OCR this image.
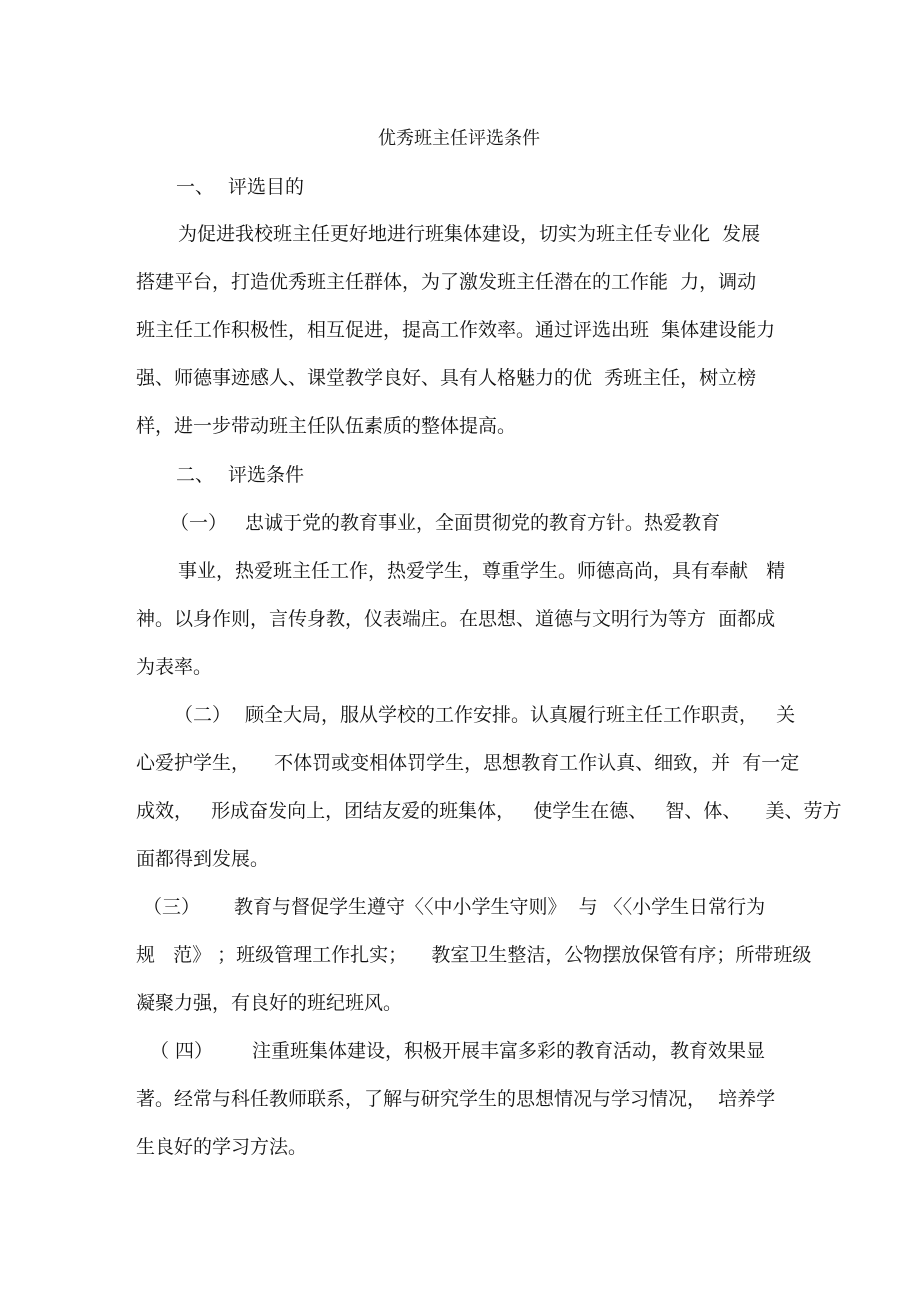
优秀班主任评选条件
一、 评选目的
为促进我校班主任更好地进行班集体建设，切实为班主任专业化  发展
搭建平台，打造优秀班主任群体，为了激发班主任潜在的工作能  力，调动
班主任工作积极性，相互促进，提高工作效率。通过评选出班  集体建设能力
强、师德事迹感人、课堂教学良好、具有人格魅力的优  秀班主任，树立榜
样，进一步带动班主任队伍素质的整体提高。
二、 评选条件
（一） 忠诚于党的教育事业，全面贯彻党的教育方针。热爱教育
事业，热爱班主任工作，热爱学生，尊重学生。师德高尚，具有奉献   精
神。以身作则，言传身教，仪表端庄。在思想、道德与文明行为等方  面都成
为表率。
（二） 顾全大局，服从学校的工作安排。认真履行班主任工作职责，   关
心爱护学生，    不体罚或变相体罚学生，思想教育工作认真、细致，并  有一定
成效，   形成奋发向上，团结友爱的班集体，   使学生在德、   智、体、    美、劳方
面都得到发展。
（三） 教育与督促学生遵守〈〈中小学生守则》  与 〈〈小学生日常行为
规   范》 ；班级管理工作扎实；    教室卫生整洁，公物摆放保管有序；所带班级
凝聚力强，有良好的班纪班风。
（ 四） 注重班集体建设，积极开展丰富多彩的教育活动，教育效果显
著。经常与科任教师联系，了解与研究学生的思想情况与学习情况，  培养学
生良好的学习方法。
